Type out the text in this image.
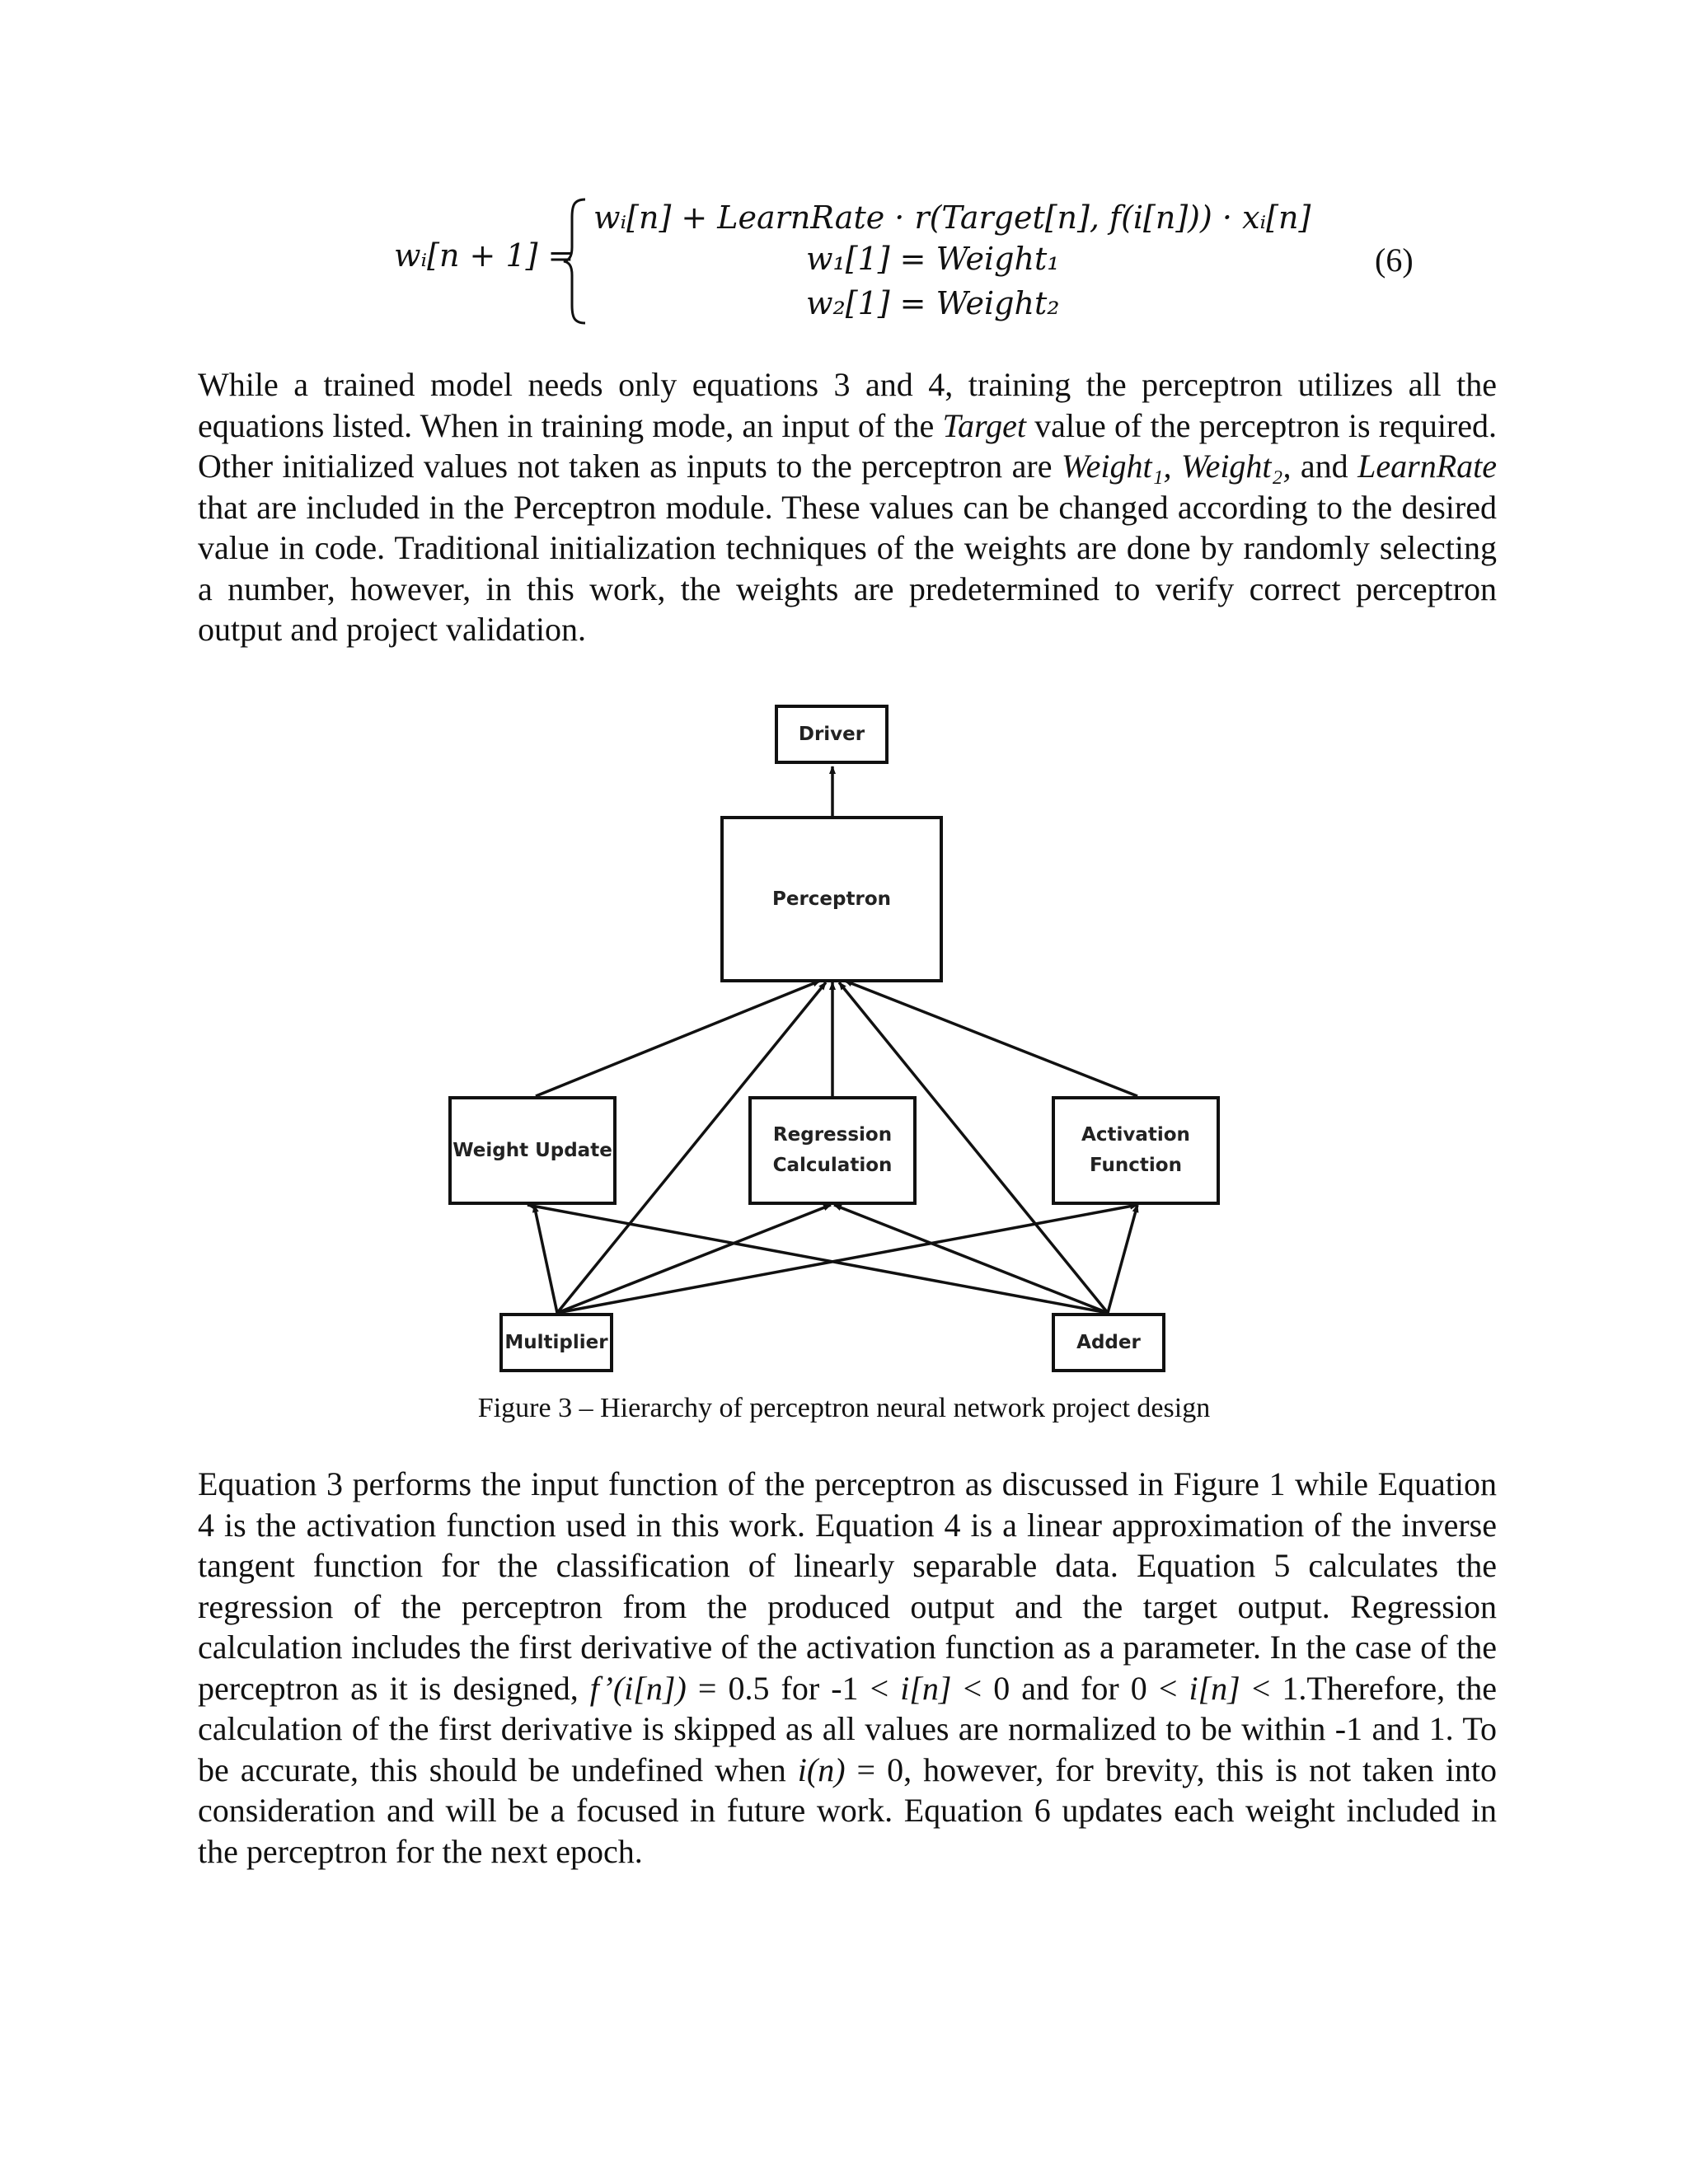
wᵢ[n + 1] =
wᵢ[n] + LearnRate · r(Target[n], f(i[n])) · xᵢ[n]
w₁[1] = Weight₁
w₂[1] = Weight₂
(6)

While a trained model needs only equations 3 and 4, training the perceptron utilizes all the equations listed. When in training mode, an input of the Target value of the perceptron is required. Other initialized values not taken as inputs to the perceptron are Weight₁, Weight₂, and LearnRate that are included in the Perceptron module. These values can be changed according to the desired value in code. Traditional initialization techniques of the weights are done by randomly selecting a number, however, in this work, the weights are predetermined to verify correct perceptron output and project validation.

Driver
Perceptron
Weight Update
Regression
Calculation
Activation
Function
Multiplier	Adder

Figure 3 – Hierarchy of perceptron neural network project design

Equation 3 performs the input function of the perceptron as discussed in Figure 1 while Equation 4 is the activation function used in this work. Equation 4 is a linear approximation of the inverse tangent function for the classification of linearly separable data. Equation 5 calculates the regression of the perceptron from the produced output and the target output. Regression calculation includes the first derivative of the activation function as a parameter. In the case of the perceptron as it is designed, f’(i[n]) = 0.5 for -1 < i[n] < 0 and for 0 < i[n] < 1.Therefore, the calculation of the first derivative is skipped as all values are normalized to be within -1 and 1. To be accurate, this should be undefined when i(n) = 0, however, for brevity, this is not taken into consideration and will be a focused in future work. Equation 6 updates each weight included in the perceptron for the next epoch.
